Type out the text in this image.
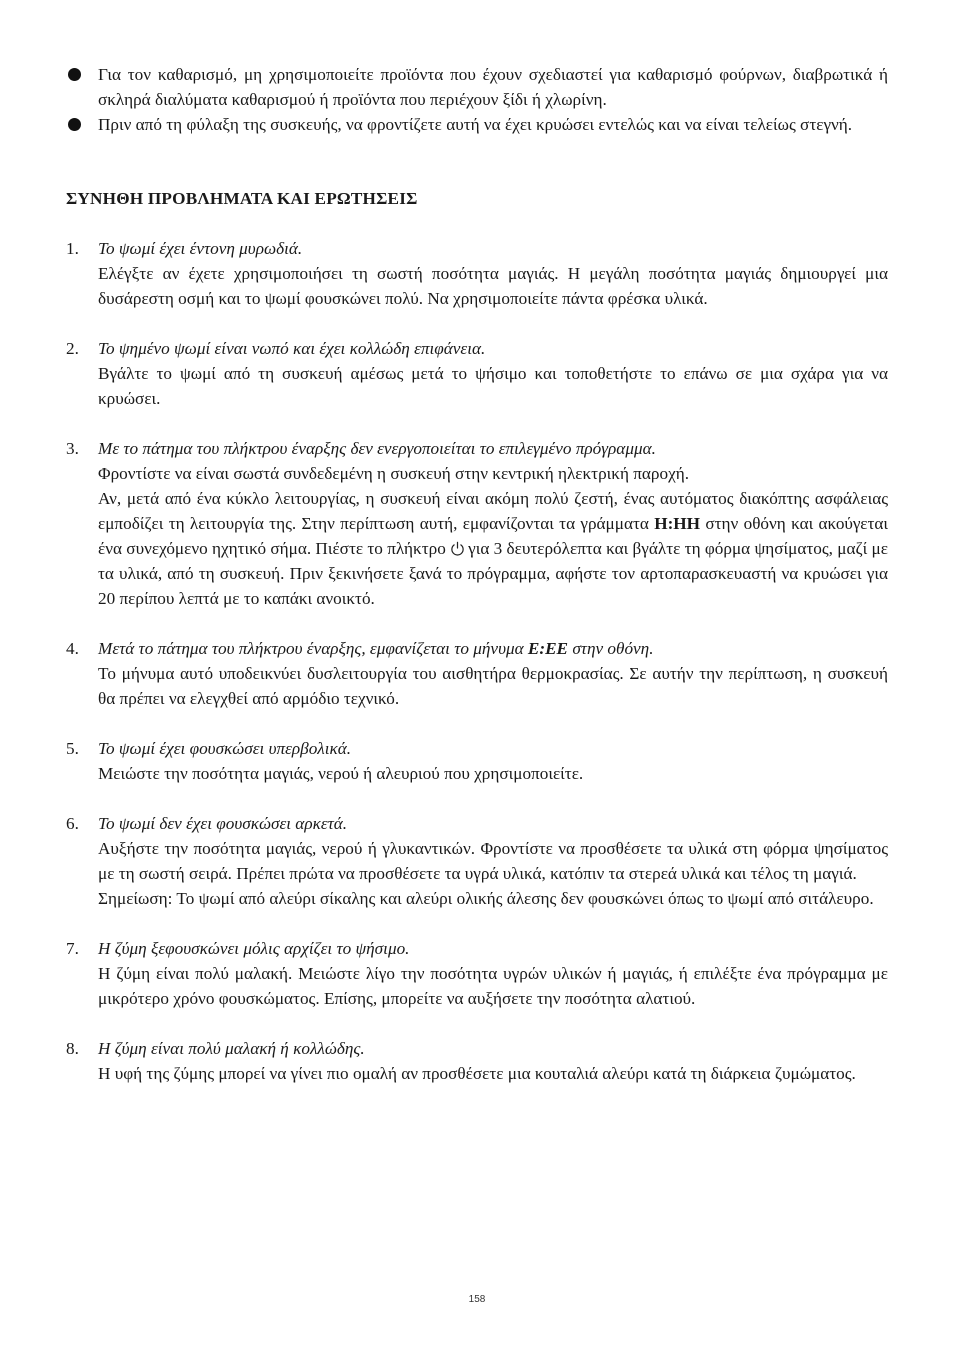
Για τον καθαρισμό, μη χρησιμοποιείτε προϊόντα που έχουν σχεδιαστεί για καθαρισμό φούρνων, διαβρωτικά ή σκληρά διαλύματα καθαρισμού ή προϊόντα που περιέχουν ξίδι ή χλωρίνη.
Πριν από τη φύλαξη της συσκευής, να φροντίζετε αυτή να έχει κρυώσει εντελώς και να είναι τελείως στεγνή.
ΣΥΝΗΘΗ ΠΡΟΒΛΗΜΑΤΑ ΚΑΙ ΕΡΩΤΗΣΕΙΣ
1. Το ψωμί έχει έντονη μυρωδιά.
Ελέγξτε αν έχετε χρησιμοποιήσει τη σωστή ποσότητα μαγιάς. Η μεγάλη ποσότητα μαγιάς δημιουργεί μια δυσάρεστη οσμή και το ψωμί φουσκώνει πολύ. Να χρησιμοποιείτε πάντα φρέσκα υλικά.
2. Το ψημένο ψωμί είναι νωπό και έχει κολλώδη επιφάνεια.
Βγάλτε το ψωμί από τη συσκευή αμέσως μετά το ψήσιμο και τοποθετήστε το επάνω σε μια σχάρα για να κρυώσει.
3. Με το πάτημα του πλήκτρου έναρξης δεν ενεργοποιείται το επιλεγμένο πρόγραμμα.
Φροντίστε να είναι σωστά συνδεδεμένη η συσκευή στην κεντρική ηλεκτρική παροχή.
Αν, μετά από ένα κύκλο λειτουργίας, η συσκευή είναι ακόμη πολύ ζεστή, ένας αυτόματος διακόπτης ασφάλειας εμποδίζει τη λειτουργία της. Στην περίπτωση αυτή, εμφανίζονται τα γράμματα H:HH στην οθόνη και ακούγεται ένα συνεχόμενο ηχητικό σήμα. Πιέστε το πλήκτρο για 3 δευτερόλεπτα και βγάλτε τη φόρμα ψησίματος, μαζί με τα υλικά, από τη συσκευή. Πριν ξεκινήσετε ξανά το πρόγραμμα, αφήστε τον αρτοπαρασκευαστή να κρυώσει για 20 περίπου λεπτά με το καπάκι ανοικτό.
4. Μετά το πάτημα του πλήκτρου έναρξης, εμφανίζεται το μήνυμα E:EE στην οθόνη.
Το μήνυμα αυτό υποδεικνύει δυσλειτουργία του αισθητήρα θερμοκρασίας. Σε αυτήν την περίπτωση, η συσκευή θα πρέπει να ελεγχθεί από αρμόδιο τεχνικό.
5. Το ψωμί έχει φουσκώσει υπερβολικά.
Μειώστε την ποσότητα μαγιάς, νερού ή αλευριού που χρησιμοποιείτε.
6. Το ψωμί δεν έχει φουσκώσει αρκετά.
Αυξήστε την ποσότητα μαγιάς, νερού ή γλυκαντικών. Φροντίστε να προσθέσετε τα υλικά στη φόρμα ψησίματος με τη σωστή σειρά. Πρέπει πρώτα να προσθέσετε τα υγρά υλικά, κατόπιν τα στερεά υλικά και τέλος τη μαγιά.
Σημείωση: Το ψωμί από αλεύρι σίκαλης και αλεύρι ολικής άλεσης δεν φουσκώνει όπως το ψωμί από σιτάλευρο.
7. Η ζύμη ξεφουσκώνει μόλις αρχίζει το ψήσιμο.
Η ζύμη είναι πολύ μαλακή. Μειώστε λίγο την ποσότητα υγρών υλικών ή μαγιάς, ή επιλέξτε ένα πρόγραμμα με μικρότερο χρόνο φουσκώματος. Επίσης, μπορείτε να αυξήσετε την ποσότητα αλατιού.
8. Η ζύμη είναι πολύ μαλακή ή κολλώδης.
Η υφή της ζύμης μπορεί να γίνει πιο ομαλή αν προσθέσετε μια κουταλιά αλεύρι κατά τη διάρκεια ζυμώματος.
158
